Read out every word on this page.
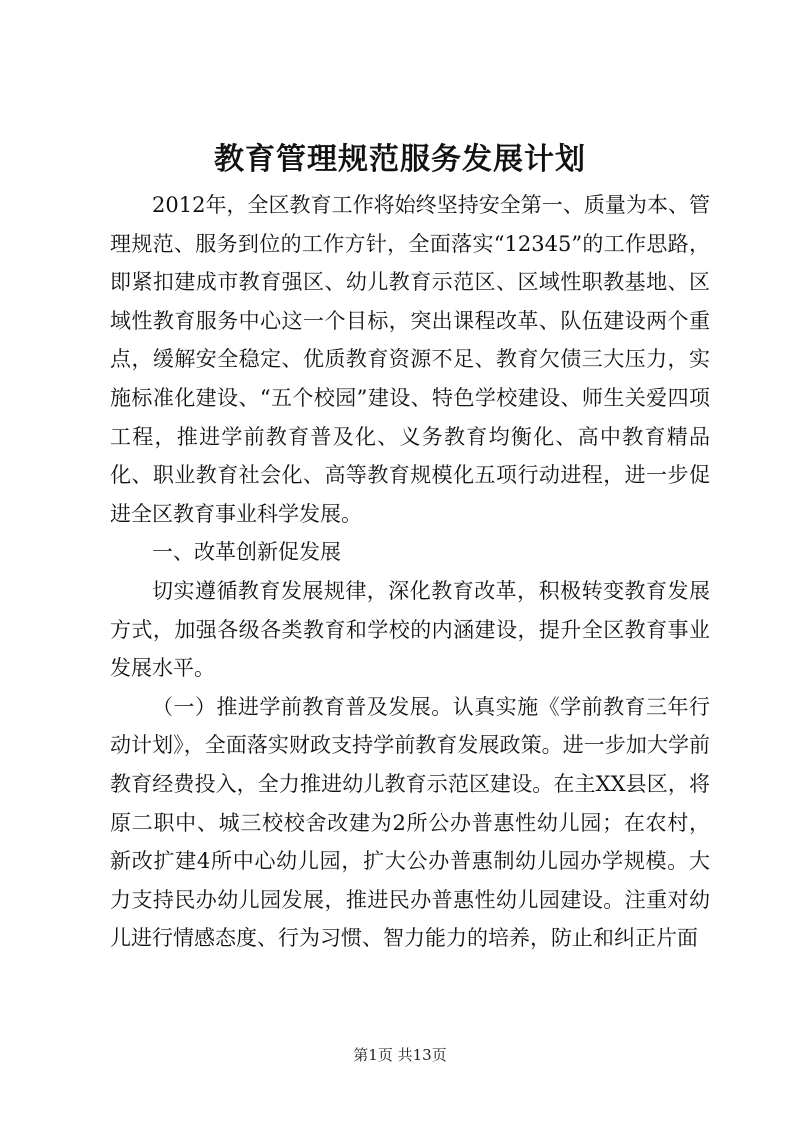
教育管理规范服务发展计划

2012年，全区教育工作将始终坚持安全第一、质量为本、管理规范、服务到位的工作方针，全面落实“12345”的工作思路，即紧扣建成市教育强区、幼儿教育示范区、区域性职教基地、区域性教育服务中心这一个目标，突出课程改革、队伍建设两个重点，缓解安全稳定、优质教育资源不足、教育欠债三大压力，实施标准化建设、“五个校园”建设、特色学校建设、师生关爱四项工程，推进学前教育普及化、义务教育均衡化、高中教育精品化、职业教育社会化、高等教育规模化五项行动进程，进一步促进全区教育事业科学发展。

一、改革创新促发展

切实遵循教育发展规律，深化教育改革，积极转变教育发展方式，加强各级各类教育和学校的内涵建设，提升全区教育事业发展水平。

（一）推进学前教育普及发展。认真实施《学前教育三年行动计划》，全面落实财政支持学前教育发展政策。进一步加大学前教育经费投入，全力推进幼儿教育示范区建设。在主XX县区，将原二职中、城三校校舍改建为2所公办普惠性幼儿园；在农村，新改扩建4所中心幼儿园，扩大公办普惠制幼儿园办学规模。大力支持民办幼儿园发展，推进民办普惠性幼儿园建设。注重对幼儿进行情感态度、行为习惯、智力能力的培养，防止和纠正片面

第1页 共13页
